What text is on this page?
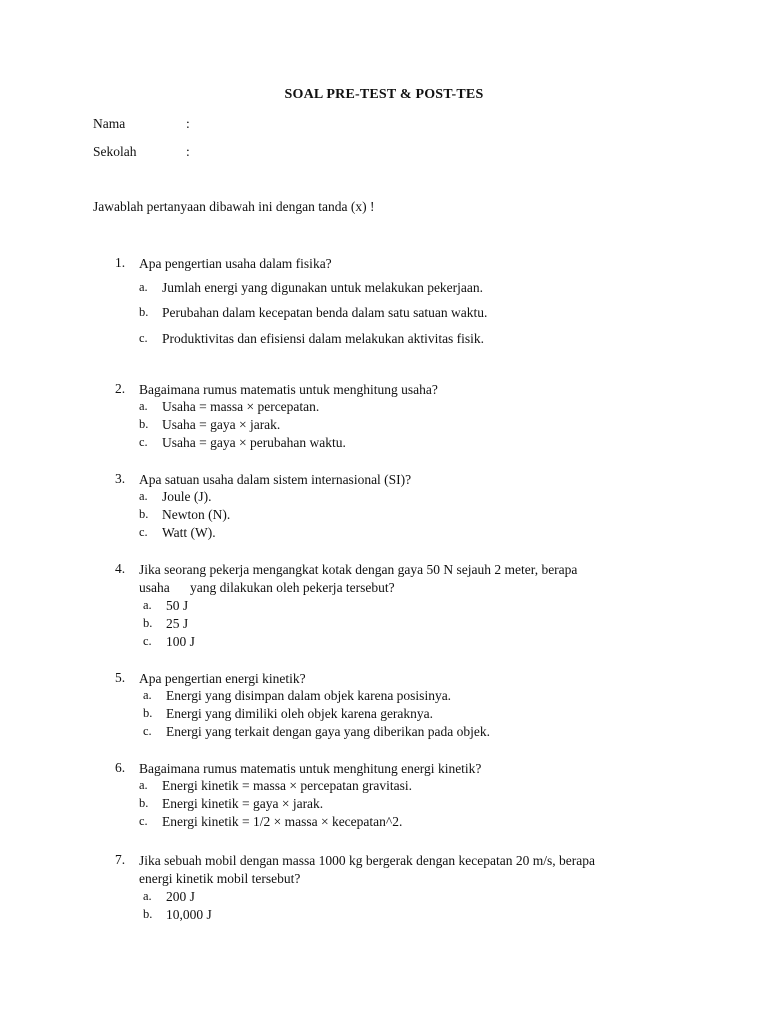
SOAL PRE-TEST & POST-TES
Nama	:
Sekolah	:
Jawablah pertanyaan dibawah ini dengan tanda (x) !
1. Apa pengertian usaha dalam fisika?
a. Jumlah energi yang digunakan untuk melakukan pekerjaan.
b. Perubahan dalam kecepatan benda dalam satu satuan waktu.
c. Produktivitas dan efisiensi dalam melakukan aktivitas fisik.
2. Bagaimana rumus matematis untuk menghitung usaha?
a. Usaha = massa × percepatan.
b. Usaha = gaya × jarak.
c. Usaha = gaya × perubahan waktu.
3. Apa satuan usaha dalam sistem internasional (SI)?
a. Joule (J).
b. Newton (N).
c. Watt (W).
4. Jika seorang pekerja mengangkat kotak dengan gaya 50 N sejauh 2 meter, berapa
usaha      yang dilakukan oleh pekerja tersebut?
a. 50 J
b. 25 J
c. 100 J
5. Apa pengertian energi kinetik?
a. Energi yang disimpan dalam objek karena posisinya.
b. Energi yang dimiliki oleh objek karena geraknya.
c. Energi yang terkait dengan gaya yang diberikan pada objek.
6. Bagaimana rumus matematis untuk menghitung energi kinetik?
a. Energi kinetik = massa × percepatan gravitasi.
b. Energi kinetik = gaya × jarak.
c. Energi kinetik = 1/2 × massa × kecepatan^2.
7. Jika sebuah mobil dengan massa 1000 kg bergerak dengan kecepatan 20 m/s, berapa
energi kinetik mobil tersebut?
a. 200 J
b. 10,000 J
